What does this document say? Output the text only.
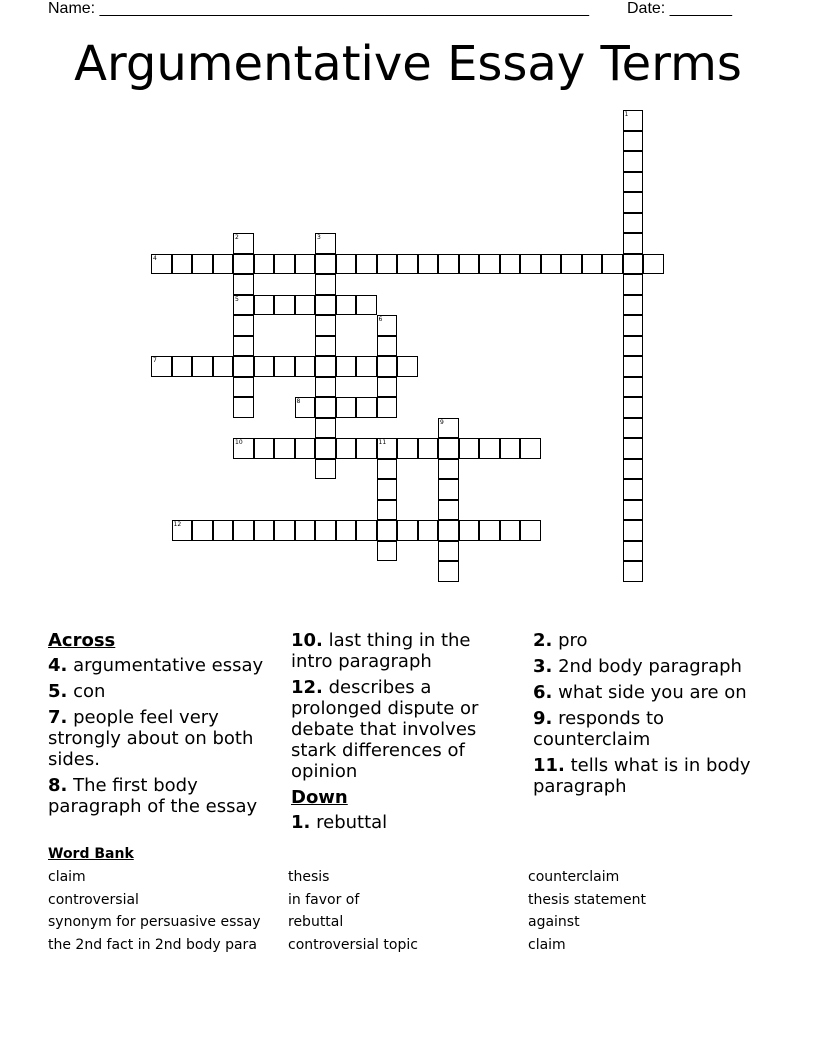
Name: _______________________________________________________ Date: _______
Argumentative Essay Terms
1
2
5
3
4
6
7
8
9
10	11
12
Across
4. argumentative essay
5. con
7. people feel very strongly about on both sides.
8. The first body paragraph of the essay
10. last thing in the intro paragraph
12. describes a prolonged dispute or debate that involves stark differences of opinion
Down
1. rebuttal
2. pro
3. 2nd body paragraph
6. what side you are on
9. responds to counterclaim
11. tells what is in body paragraph
Word Bank
claim
controversial
synonym for persuasive essay
the 2nd fact in 2nd body para
thesis
in favor of
rebuttal
controversial topic
counterclaim
thesis statement
against
claim
